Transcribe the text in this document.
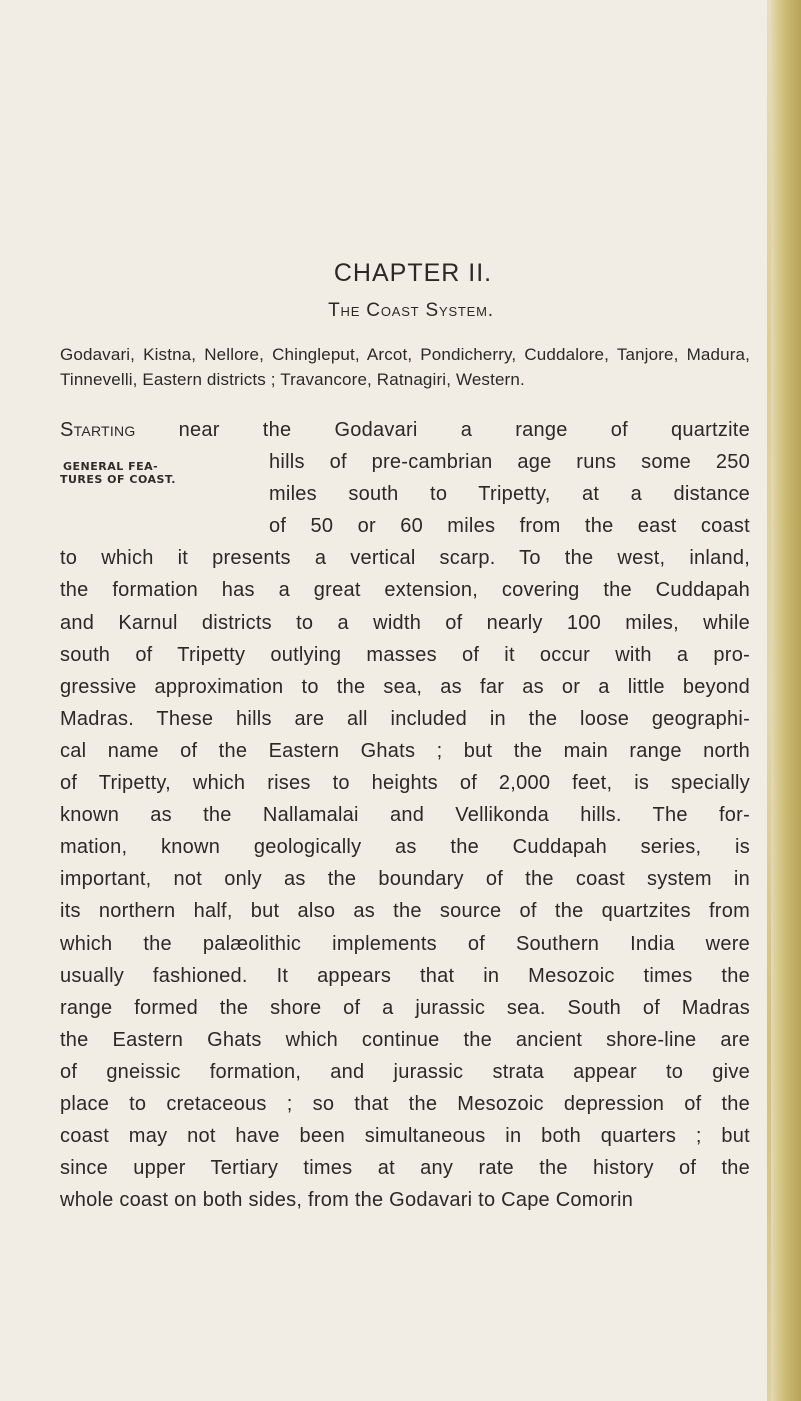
CHAPTER II.
The Coast System.

Godavari, Kistna, Nellore, Chingleput, Arcot, Pondicherry, Cuddalore, Tanjore, Madura, Tinnevelli, Eastern districts ; Travancore, Ratnagiri, Western.

GENERAL FEA-
TURES OF COAST.
Starting near the Godavari a range of quartzite
hills of pre-cambrian age runs some 250
miles south to Tripetty, at a distance
of 50 or 60 miles from the east coast
to which it presents a vertical scarp. To the west, inland,
the formation has a great extension, covering the Cuddapah
and Karnul districts to a width of nearly 100 miles, while
south of Tripetty outlying masses of it occur with a pro-
gressive approximation to the sea, as far as or a little beyond
Madras. These hills are all included in the loose geographi-
cal name of the Eastern Ghats ; but the main range north
of Tripetty, which rises to heights of 2,000 feet, is specially
known as the Nallamalai and Vellikonda hills. The for-
mation, known geologically as the Cuddapah series, is
important, not only as the boundary of the coast system in
its northern half, but also as the source of the quartzites from
which the palæolithic implements of Southern India were
usually fashioned. It appears that in Mesozoic times the
range formed the shore of a jurassic sea. South of Madras
the Eastern Ghats which continue the ancient shore-line are
of gneissic formation, and jurassic strata appear to give
place to cretaceous ; so that the Mesozoic depression of the
coast may not have been simultaneous in both quarters ; but
since upper Tertiary times at any rate the history of the
whole coast on both sides, from the Godavari to Cape Comorin
